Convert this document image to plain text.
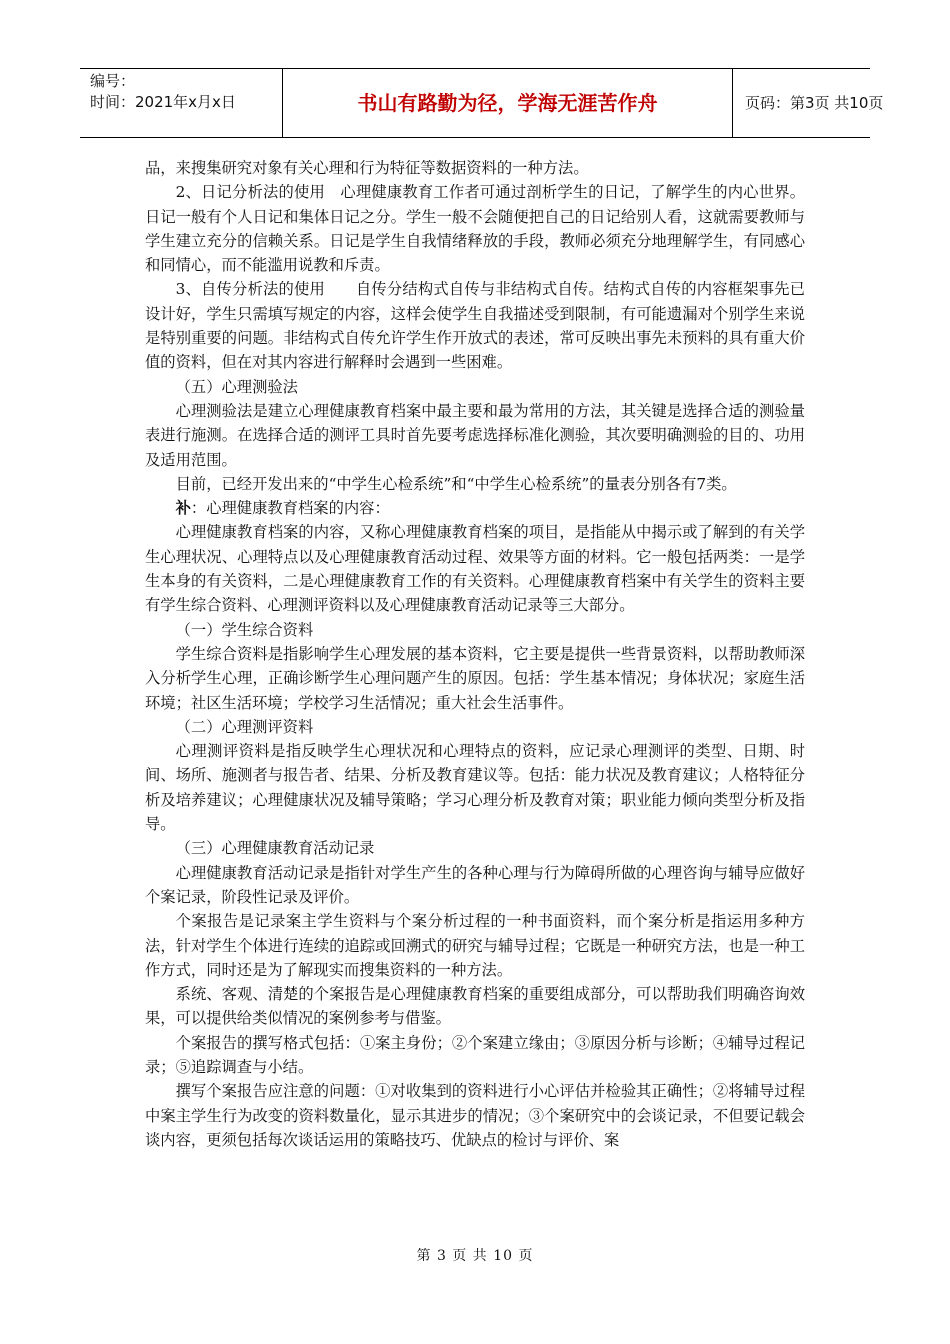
编号：
时间：2021年x月x日	书山有路勤为径，学海无涯苦作舟	页码：第3页 共10页

品，来搜集研究对象有关心理和行为特征等数据资料的一种方法。

2、日记分析法的使用　心理健康教育工作者可通过剖析学生的日记，了解学生的内心世界。日记一般有个人日记和集体日记之分。学生一般不会随便把自己的日记给别人看，这就需要教师与学生建立充分的信赖关系。日记是学生自我情绪释放的手段，教师必须充分地理解学生，有同感心和同情心，而不能滥用说教和斥责。

3、自传分析法的使用　　自传分结构式自传与非结构式自传。结构式自传的内容框架事先已设计好，学生只需填写规定的内容，这样会使学生自我描述受到限制，有可能遗漏对个别学生来说是特别重要的问题。非结构式自传允许学生作开放式的表述，常可反映出事先未预料的具有重大价值的资料，但在对其内容进行解释时会遇到一些困难。

（五）心理测验法

心理测验法是建立心理健康教育档案中最主要和最为常用的方法，其关键是选择合适的测验量表进行施测。在选择合适的测评工具时首先要考虑选择标准化测验，其次要明确测验的目的、功用及适用范围。

目前，已经开发出来的“中学生心检系统”和“中学生心检系统”的量表分别各有7类。

补：心理健康教育档案的内容：

心理健康教育档案的内容，又称心理健康教育档案的项目，是指能从中揭示或了解到的有关学生心理状况、心理特点以及心理健康教育活动过程、效果等方面的材料。它一般包括两类：一是学生本身的有关资料，二是心理健康教育工作的有关资料。心理健康教育档案中有关学生的资料主要有学生综合资料、心理测评资料以及心理健康教育活动记录等三大部分。

（一）学生综合资料

学生综合资料是指影响学生心理发展的基本资料，它主要是提供一些背景资料，以帮助教师深入分析学生心理，正确诊断学生心理问题产生的原因。包括：学生基本情况；身体状况；家庭生活环境；社区生活环境；学校学习生活情况；重大社会生活事件。

（二）心理测评资料

心理测评资料是指反映学生心理状况和心理特点的资料，应记录心理测评的类型、日期、时间、场所、施测者与报告者、结果、分析及教育建议等。包括：能力状况及教育建议；人格特征分析及培养建议；心理健康状况及辅导策略；学习心理分析及教育对策；职业能力倾向类型分析及指导。

（三）心理健康教育活动记录

心理健康教育活动记录是指针对学生产生的各种心理与行为障碍所做的心理咨询与辅导应做好个案记录，阶段性记录及评价。

个案报告是记录案主学生资料与个案分析过程的一种书面资料，而个案分析是指运用多种方法，针对学生个体进行连续的追踪或回溯式的研究与辅导过程；它既是一种研究方法，也是一种工作方式，同时还是为了解现实而搜集资料的一种方法。

系统、客观、清楚的个案报告是心理健康教育档案的重要组成部分，可以帮助我们明确咨询效果，可以提供给类似情况的案例参考与借鉴。

个案报告的撰写格式包括：①案主身份；②个案建立缘由；③原因分析与诊断；④辅导过程记录；⑤追踪调查与小结。

撰写个案报告应注意的问题：①对收集到的资料进行小心评估并检验其正确性；②将辅导过程中案主学生行为改变的资料数量化，显示其进步的情况；③个案研究中的会谈记录，不但要记载会谈内容，更须包括每次谈话运用的策略技巧、优缺点的检讨与评价、案

第 3 页 共 10 页
